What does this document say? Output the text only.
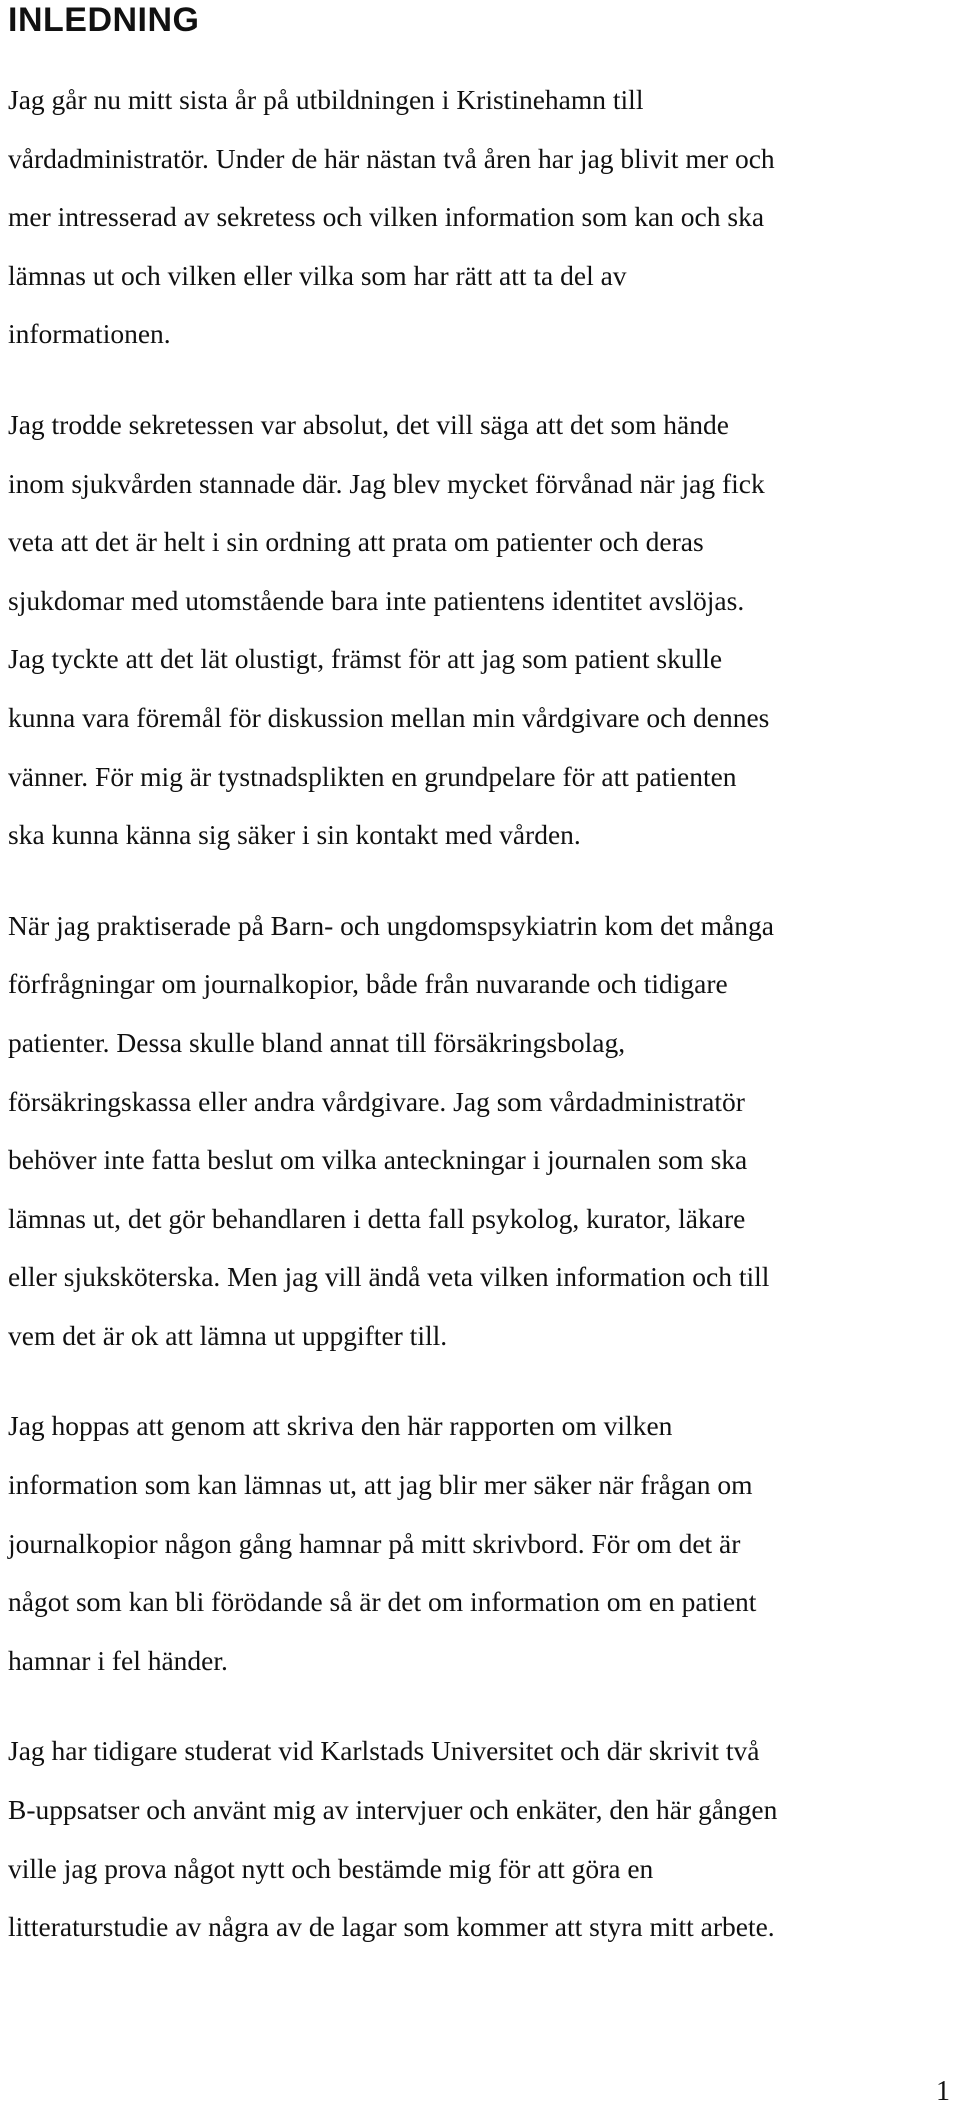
INLEDNING

Jag går nu mitt sista år på utbildningen i Kristinehamn till
vårdadministratör. Under de här nästan två åren har jag blivit mer och
mer intresserad av sekretess och vilken information som kan och ska
lämnas ut och vilken eller vilka som har rätt att ta del av
informationen.

Jag trodde sekretessen var absolut, det vill säga att det som hände
inom sjukvården stannade där. Jag blev mycket förvånad när jag fick
veta att det är helt i sin ordning att prata om patienter och deras
sjukdomar med utomstående bara inte patientens identitet avslöjas.
Jag tyckte att det lät olustigt, främst för att jag som patient skulle
kunna vara föremål för diskussion mellan min vårdgivare och dennes
vänner. För mig är tystnadsplikten en grundpelare för att patienten
ska kunna känna sig säker i sin kontakt med vården.

När jag praktiserade på Barn- och ungdomspsykiatrin kom det många
förfrågningar om journalkopior, både från nuvarande och tidigare
patienter. Dessa skulle bland annat till försäkringsbolag,
försäkringskassa eller andra vårdgivare. Jag som vårdadministratör
behöver inte fatta beslut om vilka anteckningar i journalen som ska
lämnas ut, det gör behandlaren i detta fall psykolog, kurator, läkare
eller sjuksköterska. Men jag vill ändå veta vilken information och till
vem det är ok att lämna ut uppgifter till.

Jag hoppas att genom att skriva den här rapporten om vilken
information som kan lämnas ut, att jag blir mer säker när frågan om
journalkopior någon gång hamnar på mitt skrivbord. För om det är
något som kan bli förödande så är det om information om en patient
hamnar i fel händer.

Jag har tidigare studerat vid Karlstads Universitet och där skrivit två
B-uppsatser och använt mig av intervjuer och enkäter, den här gången
ville jag prova något nytt och bestämde mig för att göra en
litteraturstudie av några av de lagar som kommer att styra mitt arbete.

1
